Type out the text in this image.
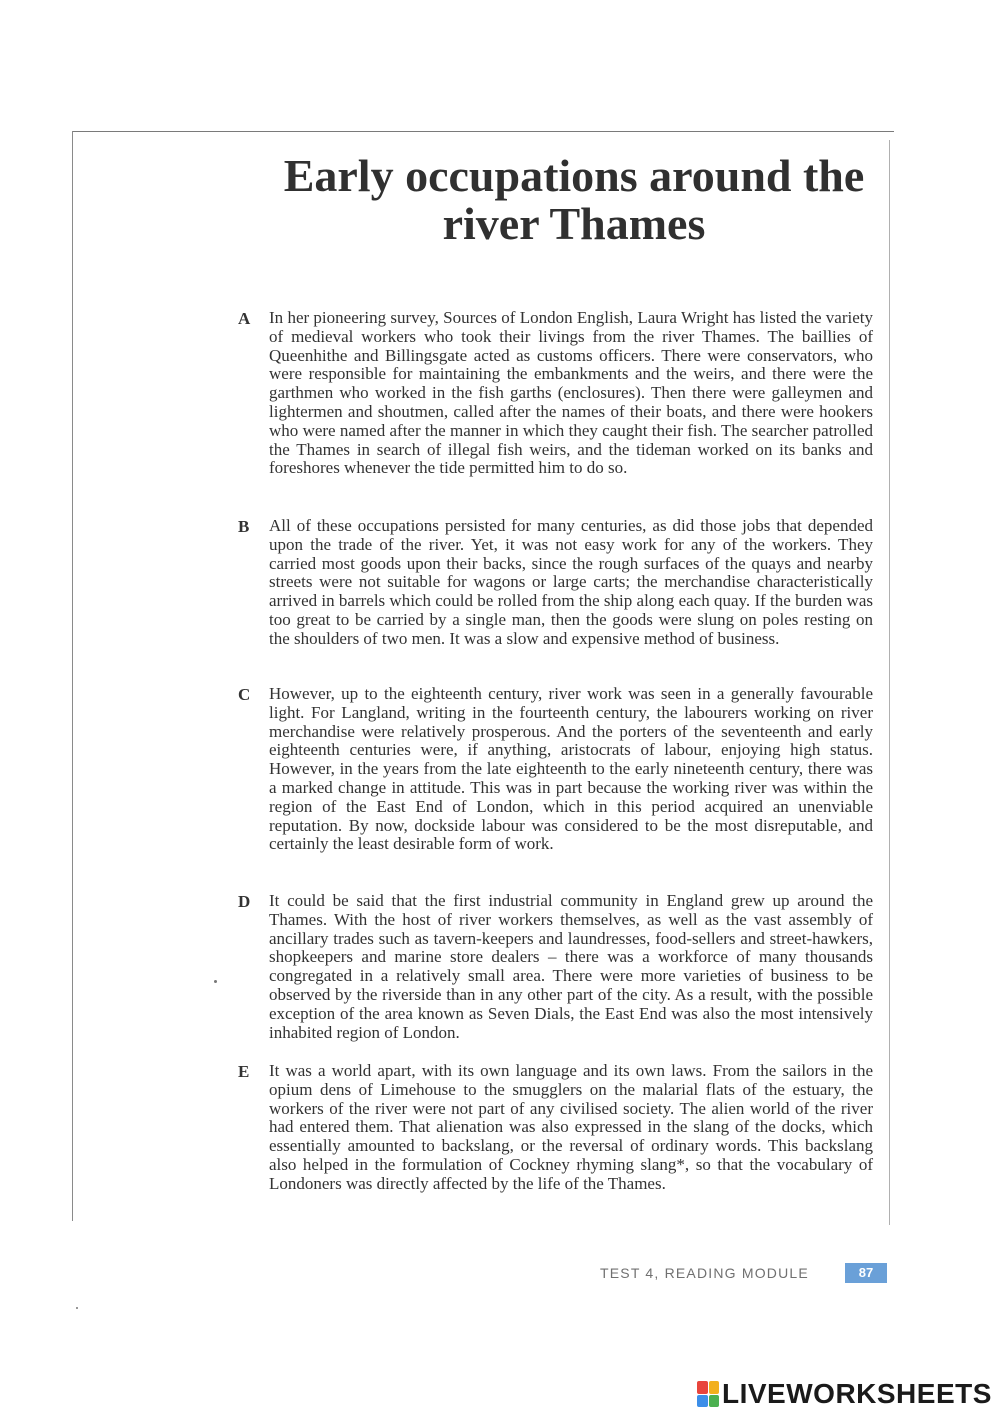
Early occupations around the river Thames
A In her pioneering survey, Sources of London English, Laura Wright has listed the variety of medieval workers who took their livings from the river Thames. The baillies of Queenhithe and Billingsgate acted as customs officers. There were conservators, who were responsible for maintaining the embankments and the weirs, and there were the garthmen who worked in the fish garths (enclosures). Then there were galleymen and lightermen and shoutmen, called after the names of their boats, and there were hookers who were named after the manner in which they caught their fish. The searcher patrolled the Thames in search of illegal fish weirs, and the tideman worked on its banks and foreshores whenever the tide permitted him to do so.

B All of these occupations persisted for many centuries, as did those jobs that depended upon the trade of the river. Yet, it was not easy work for any of the workers. They carried most goods upon their backs, since the rough surfaces of the quays and nearby streets were not suitable for wagons or large carts; the merchandise characteristically arrived in barrels which could be rolled from the ship along each quay. If the burden was too great to be carried by a single man, then the goods were slung on poles resting on the shoulders of two men. It was a slow and expensive method of business.

C However, up to the eighteenth century, river work was seen in a generally favourable light. For Langland, writing in the fourteenth century, the labourers working on river merchandise were relatively prosperous. And the porters of the seventeenth and early eighteenth centuries were, if anything, aristocrats of labour, enjoying high status. However, in the years from the late eighteenth to the early nineteenth century, there was a marked change in attitude. This was in part because the working river was within the region of the East End of London, which in this period acquired an unenviable reputation. By now, dockside labour was considered to be the most disreputable, and certainly the least desirable form of work.

D It could be said that the first industrial community in England grew up around the Thames. With the host of river workers themselves, as well as the vast assembly of ancillary trades such as tavern-keepers and laundresses, food-sellers and street-hawkers, shopkeepers and marine store dealers – there was a workforce of many thousands congregated in a relatively small area. There were more varieties of business to be observed by the riverside than in any other part of the city. As a result, with the possible exception of the area known as Seven Dials, the East End was also the most intensively inhabited region of London.

E It was a world apart, with its own language and its own laws. From the sailors in the opium dens of Limehouse to the smugglers on the malarial flats of the estuary, the workers of the river were not part of any civilised society. The alien world of the river had entered them. That alienation was also expressed in the slang of the docks, which essentially amounted to backslang, or the reversal of ordinary words. This backslang also helped in the formulation of Cockney rhyming slang*, so that the vocabulary of Londoners was directly affected by the life of the Thames.

TEST 4, READING MODULE	87
LIVEWORKSHEETS
